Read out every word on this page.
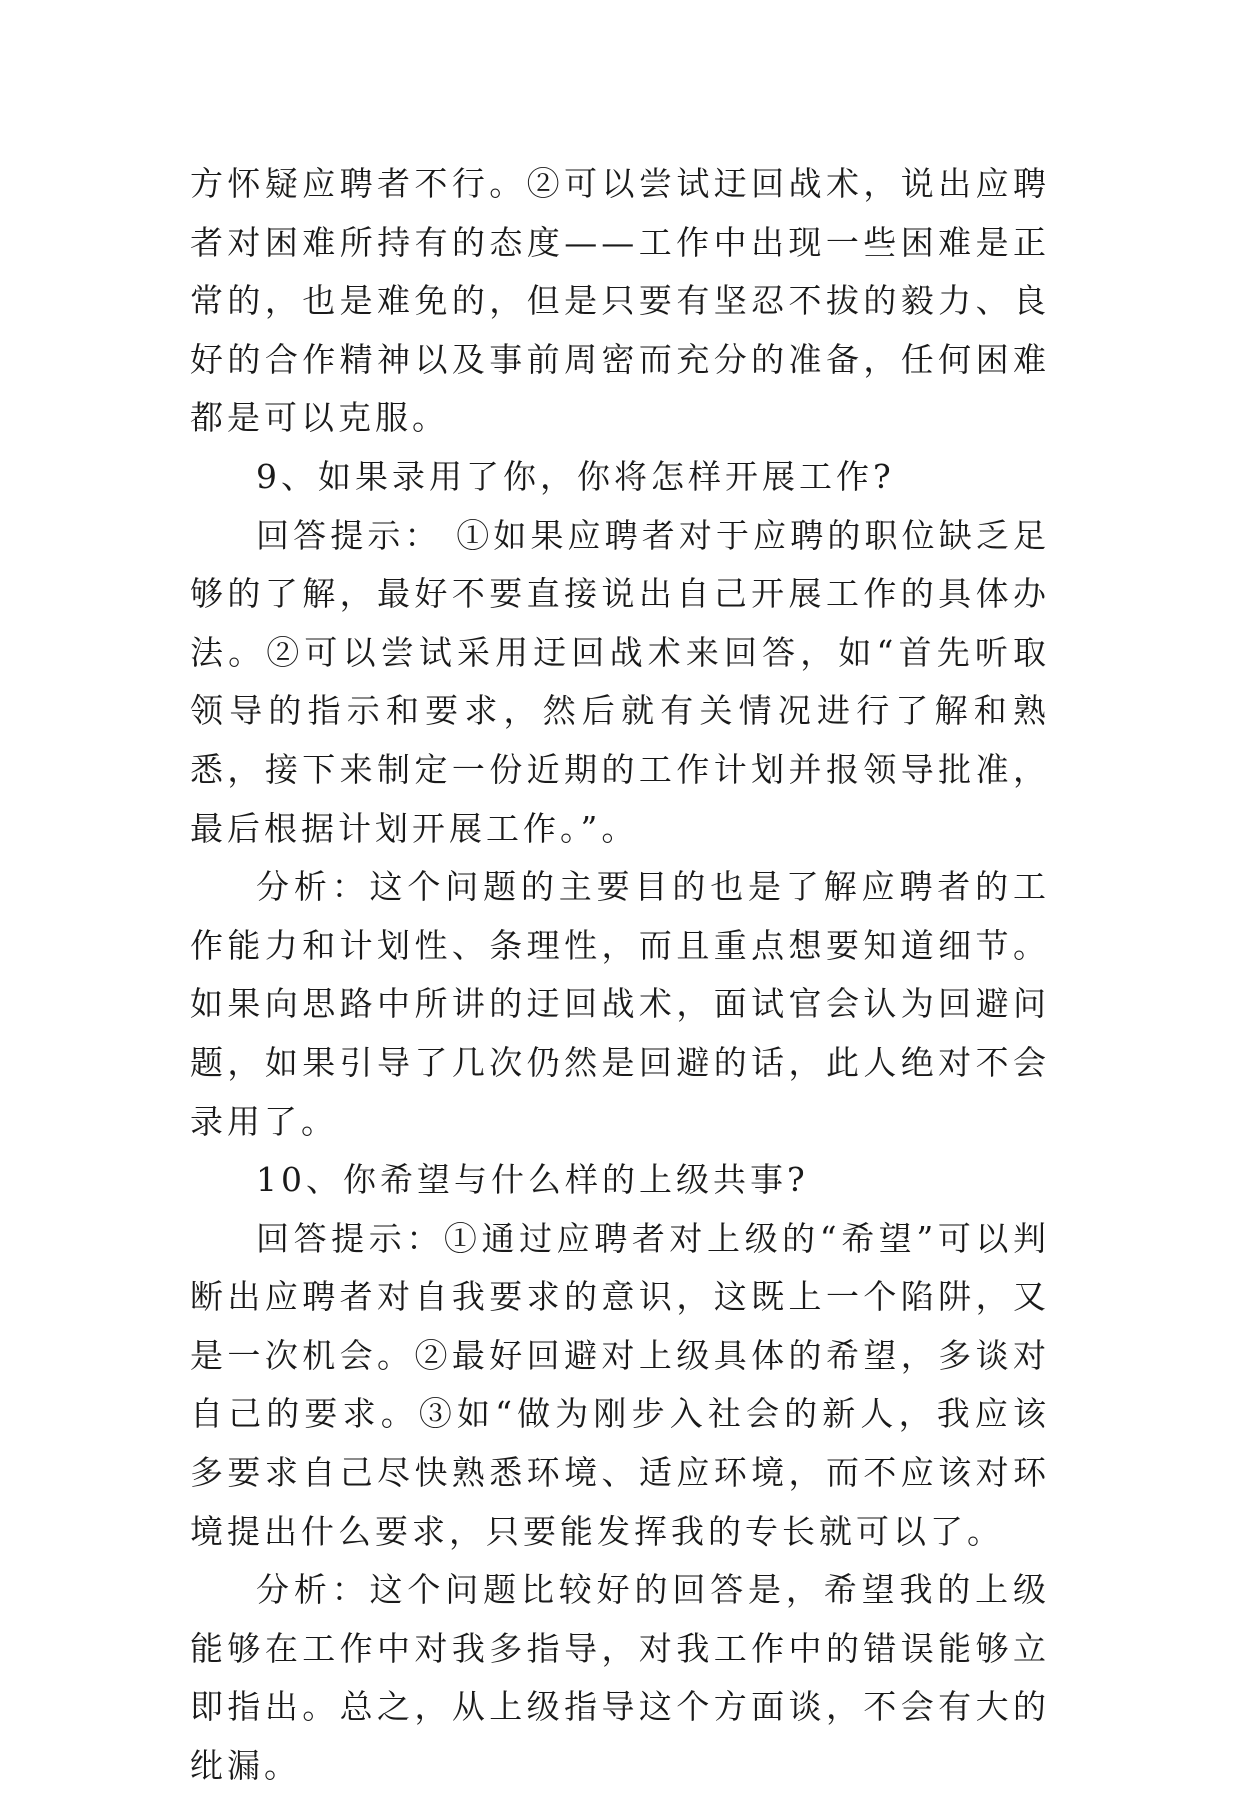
方怀疑应聘者不行。②可以尝试迂回战术，说出应聘者对困难所持有的态度——工作中出现一些困难是正常的，也是难免的，但是只要有坚忍不拔的毅力、良好的合作精神以及事前周密而充分的准备，任何困难都是可以克服。

9、如果录用了你，你将怎样开展工作?

回答提示： ①如果应聘者对于应聘的职位缺乏足够的了解，最好不要直接说出自己开展工作的具体办法。②可以尝试采用迂回战术来回答，如“首先听取领导的指示和要求，然后就有关情况进行了解和熟悉，接下来制定一份近期的工作计划并报领导批准，最后根据计划开展工作。”。

分析：这个问题的主要目的也是了解应聘者的工作能力和计划性、条理性，而且重点想要知道细节。如果向思路中所讲的迂回战术，面试官会认为回避问题，如果引导了几次仍然是回避的话，此人绝对不会录用了。

10、你希望与什么样的上级共事?

回答提示：①通过应聘者对上级的“希望”可以判断出应聘者对自我要求的意识，这既上一个陷阱，又是一次机会。②最好回避对上级具体的希望，多谈对自己的要求。③如“做为刚步入社会的新人，我应该多要求自己尽快熟悉环境、适应环境，而不应该对环境提出什么要求，只要能发挥我的专长就可以了。

分析：这个问题比较好的回答是，希望我的上级能够在工作中对我多指导，对我工作中的错误能够立即指出。总之，从上级指导这个方面谈，不会有大的纰漏。
